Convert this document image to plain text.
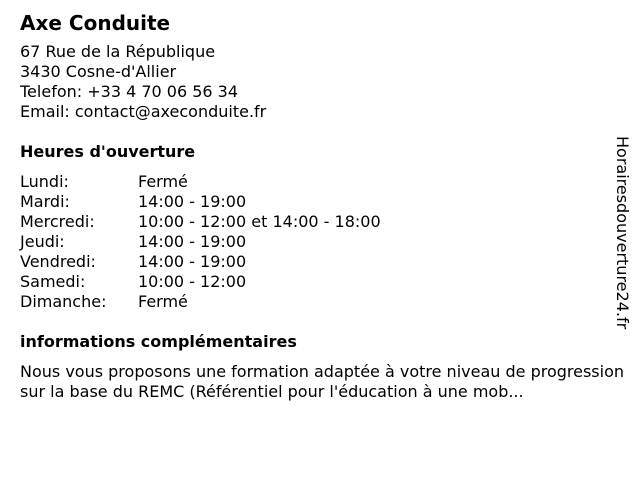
Axe Conduite
67 Rue de la République
3430 Cosne-d'Allier
Telefon: +33 4 70 06 56 34
Email: contact@axeconduite.fr
Heures d'ouverture
Lundi:	Fermé
Mardi:	14:00 - 19:00
Mercredi:	10:00 - 12:00 et 14:00 - 18:00
Jeudi:	14:00 - 19:00
Vendredi:	14:00 - 19:00
Samedi:	10:00 - 12:00
Dimanche:	Fermé
informations complémentaires
Nous vous proposons une formation adaptée à votre niveau de progression sur la base du REMC (Référentiel pour l'éducation à une mob...
Horairesdouverture24.fr
